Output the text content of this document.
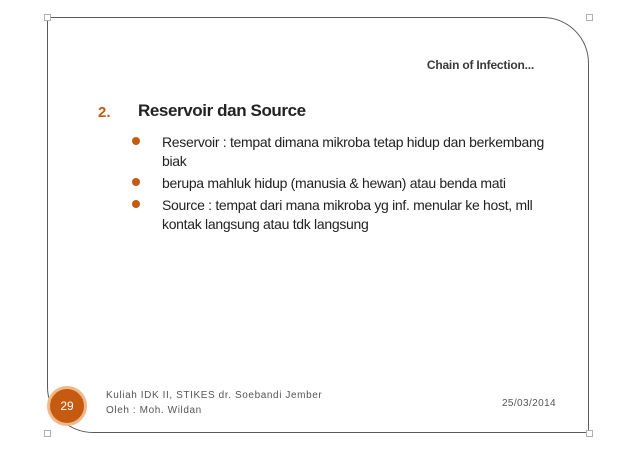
Chain of Infection...
2. Reservoir dan Source
Reservoir : tempat dimana mikroba tetap hidup dan berkembang biak
berupa mahluk hidup (manusia & hewan) atau benda mati
Source : tempat dari mana mikroba yg inf. menular ke host, mll kontak langsung atau tdk langsung
29
Kuliah IDK II, STIKES dr. Soebandi Jember
Oleh : Moh. Wildan
25/03/2014
